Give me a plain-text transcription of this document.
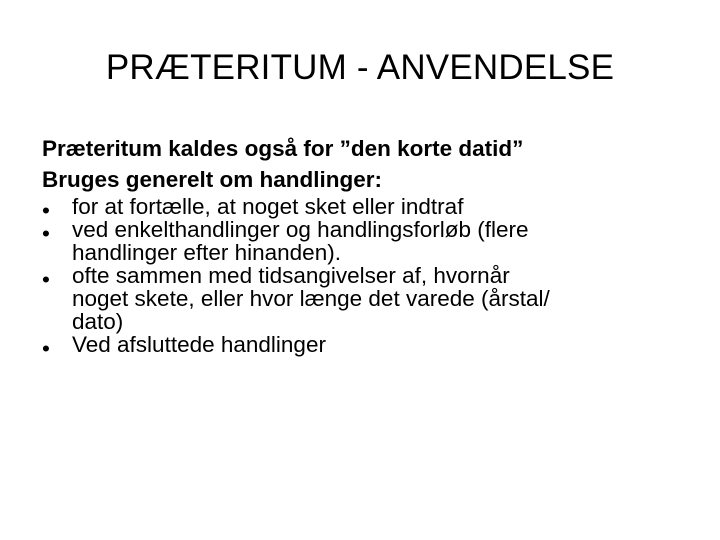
PRÆTERITUM - ANVENDELSE

Præteritum kaldes også for ”den korte datid”

Bruges generelt om handlinger:

• for at fortælle, at noget sket eller indtraf
• ved enkelthandlinger og handlingsforløb (flere
handlinger efter hinanden).
• ofte sammen med tidsangivelser af, hvornår
noget skete, eller hvor længe det varede (årstal/
dato)
• Ved afsluttede handlinger
